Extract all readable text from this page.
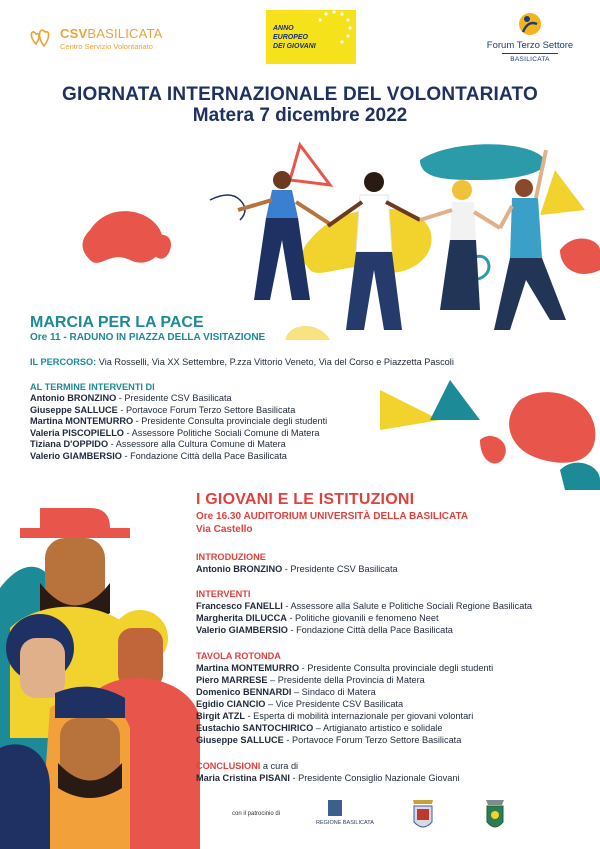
CSVBASILICATA
Centro Servizio Volontariato
ANNO
EUROPEO
DEI GIOVANI	Forum Terzo Settore
BASILICATA
GIORNATA INTERNAZIONALE DEL VOLONTARIATO
Matera 7 dicembre 2022
MARCIA PER LA PACE
Ore 11 - RADUNO IN PIAZZA DELLA VISITAZIONE
IL PERCORSO: Via Rosselli, Via XX Settembre, P.zza Vittorio Veneto, Via del Corso e Piazzetta Pascoli
AL TERMINE INTERVENTI DI
Antonio BRONZINO - Presidente CSV Basilicata
Giuseppe SALLUCE - Portavoce Forum Terzo Settore Basilicata
Martina MONTEMURRO - Presidente Consulta provinciale degli studenti
Valeria PISCOPIELLO - Assessore Politiche Sociali Comune di Matera
Tiziana D'OPPIDO - Assessore alla Cultura Comune di Matera
Valerio GIAMBERSIO - Fondazione Città della Pace Basilicata
I GIOVANI E LE ISTITUZIONI
Ore 16.30 AUDITORIUM UNIVERSITÀ DELLA BASILICATA
Via Castello
INTRODUZIONE
Antonio BRONZINO - Presidente CSV Basilicata
INTERVENTI
Francesco FANELLI - Assessore alla Salute e Politiche Sociali Regione Basilicata
Margherita DILUCCA - Politiche giovanili e fenomeno Neet
Valerio GIAMBERSIO - Fondazione Città della Pace Basilicata
TAVOLA ROTONDA
Martina MONTEMURRO - Presidente Consulta provinciale degli studenti
Piero MARRESE – Presidente della Provincia di Matera
Domenico BENNARDI – Sindaco di Matera
Egidio CIANCIO – Vice Presidente CSV Basilicata
Birgit ATZL - Esperta di mobilità internazionale per giovani volontari
Eustachio SANTOCHIRICO – Artigianato artistico e solidale
Giuseppe SALLUCE - Portavoce Forum Terzo Settore Basilicata
CONCLUSIONI a cura di
Maria Cristina PISANI - Presidente Consiglio Nazionale Giovani
con il patrocinio di
REGIONE BASILICATA
